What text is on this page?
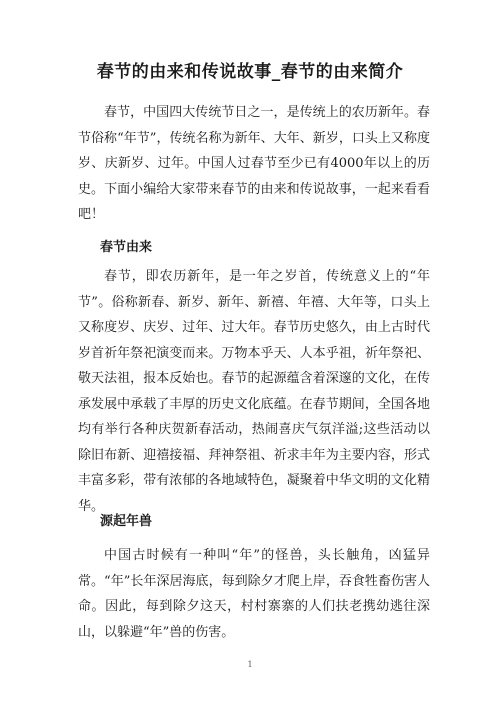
春节的由来和传说故事_春节的由来简介

春节，中国四大传统节日之一，是传统上的农历新年。春节俗称“年节”，传统名称为新年、大年、新岁，口头上又称度岁、庆新岁、过年。中国人过春节至少已有4000年以上的历史。下面小编给大家带来春节的由来和传说故事，一起来看看吧！

春节由来

春节，即农历新年，是一年之岁首，传统意义上的“年节”。俗称新春、新岁、新年、新禧、年禧、大年等，口头上又称度岁、庆岁、过年、过大年。春节历史悠久，由上古时代岁首祈年祭祀演变而来。万物本乎天、人本乎祖，祈年祭祀、敬天法祖，报本反始也。春节的起源蕴含着深邃的文化，在传承发展中承载了丰厚的历史文化底蕴。在春节期间，全国各地均有举行各种庆贺新春活动，热闹喜庆气氛洋溢;这些活动以除旧布新、迎禧接福、拜神祭祖、祈求丰年为主要内容，形式丰富多彩，带有浓郁的各地域特色，凝聚着中华文明的文化精华。

源起年兽

中国古时候有一种叫“年”的怪兽，头长触角，凶猛异常。“年”长年深居海底，每到除夕才爬上岸，吞食牲畜伤害人命。因此，每到除夕这天，村村寨寨的人们扶老携幼逃往深山，以躲避“年”兽的伤害。

1
